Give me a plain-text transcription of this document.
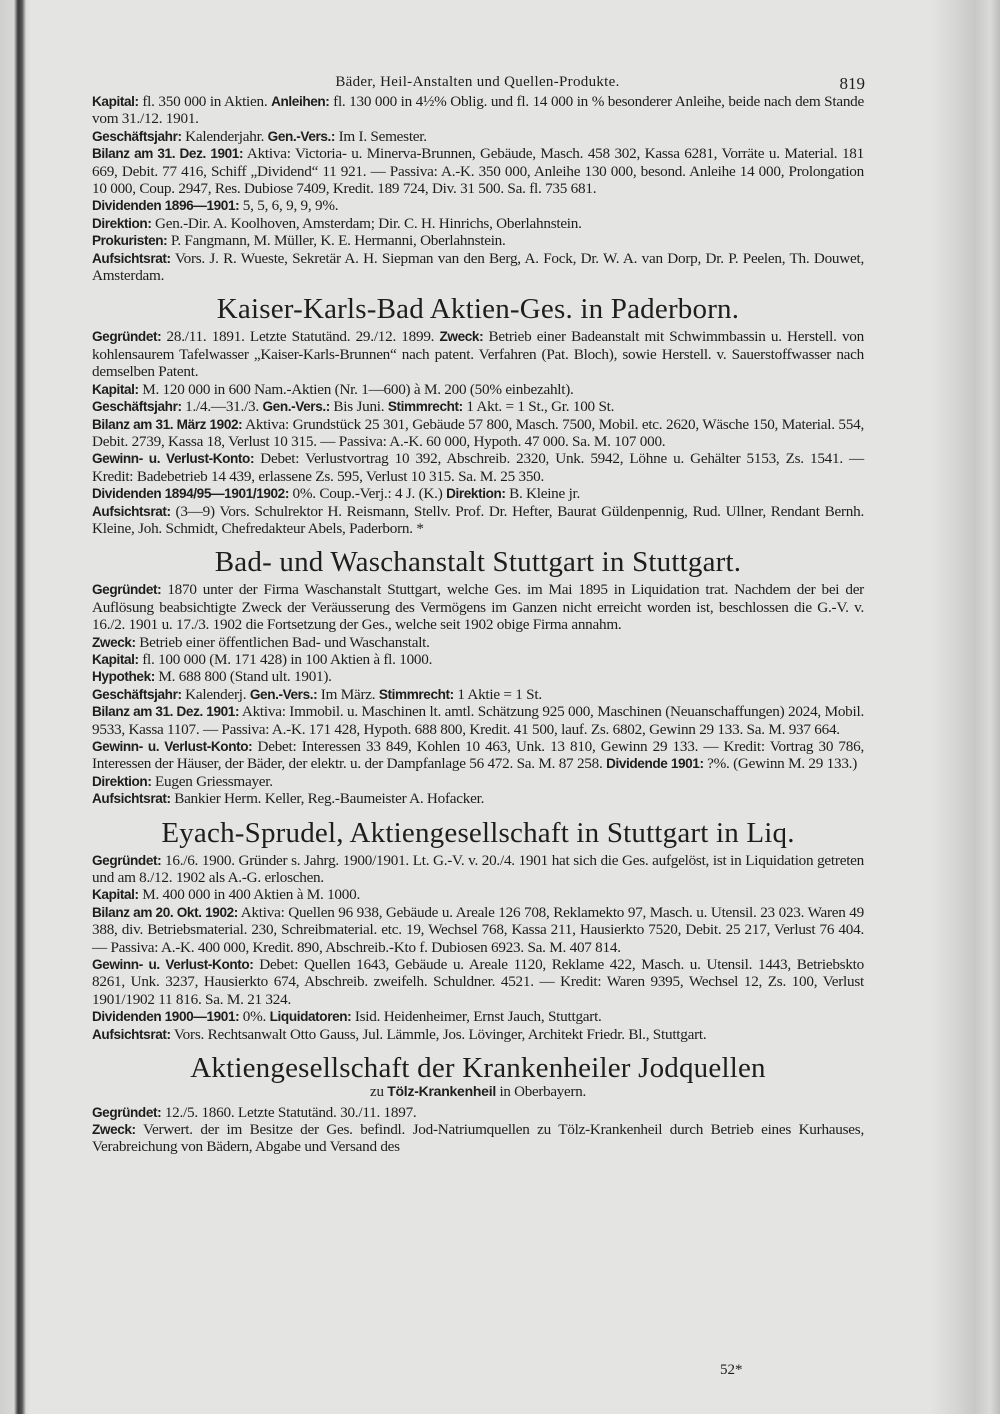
Bäder, Heil-Anstalten und Quellen-Produkte.	819

Kapital: fl. 350 000 in Aktien. Anleihen: fl. 130 000 in 4½% Oblig. und fl. 14 000 in % besonderer Anleihe, beide nach dem Stande vom 31./12. 1901.

Geschäftsjahr: Kalenderjahr. Gen.-Vers.: Im I. Semester.

Bilanz am 31. Dez. 1901: Aktiva: Victoria- u. Minerva-Brunnen, Gebäude, Masch. 458 302, Kassa 6281, Vorräte u. Material. 181 669, Debit. 77 416, Schiff „Dividend“ 11 921. — Passiva: A.-K. 350 000, Anleihe 130 000, besond. Anleihe 14 000, Prolongation 10 000, Coup. 2947, Res. Dubiose 7409, Kredit. 189 724, Div. 31 500. Sa. fl. 735 681.

Dividenden 1896—1901: 5, 5, 6, 9, 9, 9%.

Direktion: Gen.-Dir. A. Koolhoven, Amsterdam; Dir. C. H. Hinrichs, Oberlahnstein.

Prokuristen: P. Fangmann, M. Müller, K. E. Hermanni, Oberlahnstein.

Aufsichtsrat: Vors. J. R. Wueste, Sekretär A. H. Siepman van den Berg, A. Fock, Dr. W. A. van Dorp, Dr. P. Peelen, Th. Douwet, Amsterdam.

Kaiser-Karls-Bad Aktien-Ges. in Paderborn.

Gegründet: 28./11. 1891. Letzte Statutänd. 29./12. 1899. Zweck: Betrieb einer Badeanstalt mit Schwimmbassin u. Herstell. von kohlensaurem Tafelwasser „Kaiser-Karls-Brunnen“ nach patent. Verfahren (Pat. Bloch), sowie Herstell. v. Sauerstoffwasser nach demselben Patent.

Kapital: M. 120 000 in 600 Nam.-Aktien (Nr. 1—600) à M. 200 (50% einbezahlt).

Geschäftsjahr: 1./4.—31./3. Gen.-Vers.: Bis Juni. Stimmrecht: 1 Akt. = 1 St., Gr. 100 St.

Bilanz am 31. März 1902: Aktiva: Grundstück 25 301, Gebäude 57 800, Masch. 7500, Mobil. etc. 2620, Wäsche 150, Material. 554, Debit. 2739, Kassa 18, Verlust 10 315. — Passiva: A.-K. 60 000, Hypoth. 47 000. Sa. M. 107 000.

Gewinn- u. Verlust-Konto: Debet: Verlustvortrag 10 392, Abschreib. 2320, Unk. 5942, Löhne u. Gehälter 5153, Zs. 1541. — Kredit: Badebetrieb 14 439, erlassene Zs. 595, Verlust 10 315. Sa. M. 25 350.

Dividenden 1894/95—1901/1902: 0%. Coup.-Verj.: 4 J. (K.) Direktion: B. Kleine jr.

Aufsichtsrat: (3—9) Vors. Schulrektor H. Reismann, Stellv. Prof. Dr. Hefter, Baurat Güldenpennig, Rud. Ullner, Rendant Bernh. Kleine, Joh. Schmidt, Chefredakteur Abels, Paderborn. *

Bad- und Waschanstalt Stuttgart in Stuttgart.

Gegründet: 1870 unter der Firma Waschanstalt Stuttgart, welche Ges. im Mai 1895 in Liquidation trat. Nachdem der bei der Auflösung beabsichtigte Zweck der Veräusserung des Vermögens im Ganzen nicht erreicht worden ist, beschlossen die G.-V. v. 16./2. 1901 u. 17./3. 1902 die Fortsetzung der Ges., welche seit 1902 obige Firma annahm.

Zweck: Betrieb einer öffentlichen Bad- und Waschanstalt.

Kapital: fl. 100 000 (M. 171 428) in 100 Aktien à fl. 1000.

Hypothek: M. 688 800 (Stand ult. 1901).

Geschäftsjahr: Kalenderj. Gen.-Vers.: Im März. Stimmrecht: 1 Aktie = 1 St.

Bilanz am 31. Dez. 1901: Aktiva: Immobil. u. Maschinen lt. amtl. Schätzung 925 000, Maschinen (Neuanschaffungen) 2024, Mobil. 9533, Kassa 1107. — Passiva: A.-K. 171 428, Hypoth. 688 800, Kredit. 41 500, lauf. Zs. 6802, Gewinn 29 133. Sa. M. 937 664.

Gewinn- u. Verlust-Konto: Debet: Interessen 33 849, Kohlen 10 463, Unk. 13 810, Gewinn 29 133. — Kredit: Vortrag 30 786, Interessen der Häuser, der Bäder, der elektr. u. der Dampfanlage 56 472. Sa. M. 87 258. Dividende 1901: ?%. (Gewinn M. 29 133.)

Direktion: Eugen Griessmayer.

Aufsichtsrat: Bankier Herm. Keller, Reg.-Baumeister A. Hofacker.

Eyach-Sprudel, Aktiengesellschaft in Stuttgart in Liq.

Gegründet: 16./6. 1900. Gründer s. Jahrg. 1900/1901. Lt. G.-V. v. 20./4. 1901 hat sich die Ges. aufgelöst, ist in Liquidation getreten und am 8./12. 1902 als A.-G. erloschen.

Kapital: M. 400 000 in 400 Aktien à M. 1000.

Bilanz am 20. Okt. 1902: Aktiva: Quellen 96 938, Gebäude u. Areale 126 708, Reklamekto 97, Masch. u. Utensil. 23 023. Waren 49 388, div. Betriebsmaterial. 230, Schreibmaterial. etc. 19, Wechsel 768, Kassa 211, Hausierkto 7520, Debit. 25 217, Verlust 76 404. — Passiva: A.-K. 400 000, Kredit. 890, Abschreib.-Kto f. Dubiosen 6923. Sa. M. 407 814.

Gewinn- u. Verlust-Konto: Debet: Quellen 1643, Gebäude u. Areale 1120, Reklame 422, Masch. u. Utensil. 1443, Betriebskto 8261, Unk. 3237, Hausierkto 674, Abschreib. zweifelh. Schuldner. 4521. — Kredit: Waren 9395, Wechsel 12, Zs. 100, Verlust 1901/1902 11 816. Sa. M. 21 324.

Dividenden 1900—1901: 0%. Liquidatoren: Isid. Heidenheimer, Ernst Jauch, Stuttgart.

Aufsichtsrat: Vors. Rechtsanwalt Otto Gauss, Jul. Lämmle, Jos. Lövinger, Architekt Friedr. Bl., Stuttgart.

Aktiengesellschaft der Krankenheiler Jodquellen
zu Tölz-Krankenheil in Oberbayern.

Gegründet: 12./5. 1860. Letzte Statutänd. 30./11. 1897.

Zweck: Verwert. der im Besitze der Ges. befindl. Jod-Natriumquellen zu Tölz-Krankenheil durch Betrieb eines Kurhauses, Verabreichung von Bädern, Abgabe und Versand des

52*
